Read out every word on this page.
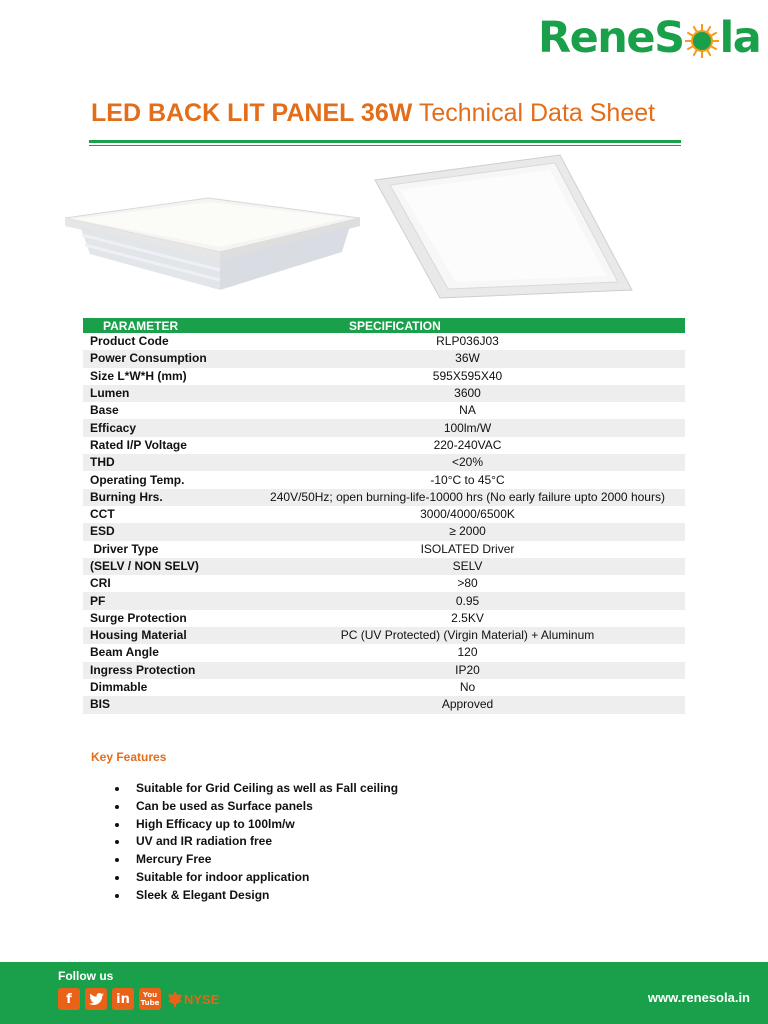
Rene S la
LED BACK LIT PANEL 36W Technical Data Sheet
PARAMETER	SPECIFICATION
Product Code	RLP036J03
Power Consumption	36W
Size L*W*H (mm)	595X595X40
Lumen	3600
Base	NA
Efficacy	100lm/W
Rated I/P Voltage	220-240VAC
THD	<20%
Operating Temp.	-10°C to 45°C
Burning Hrs.	240V/50Hz; open burning-life-10000 hrs (No early failure upto 2000 hours)
CCT	3000/4000/6500K
ESD	≥ 2000
Driver Type	ISOLATED Driver
(SELV / NON SELV)	SELV
CRI	>80
PF	0.95
Surge Protection	2.5KV
Housing Material	PC (UV Protected) (Virgin Material) + Aluminum
Beam Angle	120
Ingress Protection	IP20
Dimmable	No
BIS	Approved
Key Features
Suitable for Grid Ceiling as well as Fall ceiling
Can be used as Surface panels
High Efficacy up to 100lm/w
UV and IR radiation free
Mercury Free
Suitable for indoor application
Sleek & Elegant Design
Follow us
f	in	You
Tube NYSE	www.renesola.in
